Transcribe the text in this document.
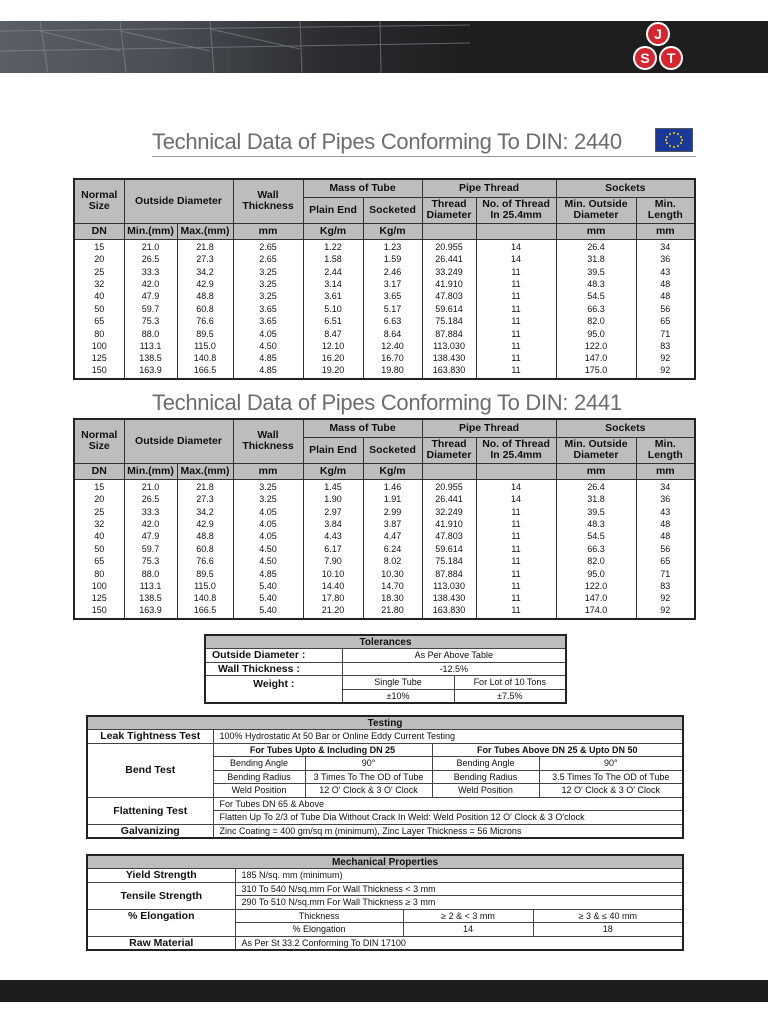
J
S T
Technical Data of Pipes Conforming To DIN: 2440
Normal Size	Outside Diameter		Wall Thickness	Mass of Tube		Pipe Thread		Sockets	
				Plain End	Socketed	Thread Diameter	No. of Thread In 25.4mm	Min. Outside Diameter	Min. Length
DN	Min.(mm)	Max.(mm)	mm	Kg/m	Kg/m			mm	mm
15	21.0	21.8	2.65	1.22	1.23	20.955	14	26.4	34
20	26.5	27.3	2.65	1.58	1.59	26.441	14	31.8	36
25	33.3	34.2	3.25	2.44	2.46	33.249	11	39.5	43
32	42.0	42.9	3.25	3.14	3.17	41.910	11	48.3	48
40	47.9	48.8	3.25	3.61	3.65	47.803	11	54.5	48
50	59.7	60.8	3.65	5.10	5.17	59.614	11	66.3	56
65	75.3	76.6	3.65	6.51	6.63	75.184	11	82.0	65
80	88.0	89.5	4.05	8.47	8.64	87.884	11	95.0	71
100	113.1	115.0	4.50	12.10	12.40	113.030	11	122.0	83
125	138.5	140.8	4.85	16.20	16.70	138.430	11	147.0	92
150	163.9	166.5	4.85	19.20	19.80	163.830	11	175.0	92
Technical Data of Pipes Conforming To DIN: 2441
Normal Size	Outside Diameter		Wall Thickness	Mass of Tube		Pipe Thread		Sockets	
				Plain End	Socketed	Thread Diameter	No. of Thread In 25.4mm	Min. Outside Diameter	Min. Length
DN	Min.(mm)	Max.(mm)	mm	Kg/m	Kg/m			mm	mm
15	21.0	21.8	3.25	1.45	1.46	20.955	14	26.4	34
20	26.5	27.3	3.25	1.90	1.91	26.441	14	31.8	36
25	33.3	34.2	4.05	2.97	2.99	32.249	11	39.5	43
32	42.0	42.9	4.05	3.84	3.87	41.910	11	48.3	48
40	47.9	48.8	4.05	4.43	4.47	47.803	11	54.5	48
50	59.7	60.8	4.50	6.17	6.24	59.614	11	66.3	56
65	75.3	76.6	4.50	7.90	8.02	75.184	11	82.0	65
80	88.0	89.5	4.85	10.10	10.30	87.884	11	95.0	71
100	113.1	115.0	5.40	14.40	14.70	113.030	11	122.0	83
125	138.5	140.8	5.40	17.80	18.30	138.430	11	147.0	92
150	163.9	166.5	5.40	21.20	21.80	163.830	11	174.0	92
Tolerances		
Outside Diameter :	As Per Above Table	
Wall Thickness :	-12.5%	
Weight :	Single Tube	For Lot of 10 Tons
	±10%	±7.5%
Testing				
Leak Tightness Test	100% Hydrostatic At 50 Bar or Online Eddy Current Testing			
Bend Test	For Tubes Upto & Including DN 25		For Tubes Above DN 25 & Upto DN 50	
	Bending Angle	90°	Bending Angle	90°
	Bending Radius	3 Times To The OD of Tube	Bending Radius	3.5 Times To The OD of Tube
	Weld Position	12 O' Clock & 3 O' Clock	Weld Position	12 O' Clock & 3 O' Clock
Flattening Test	For Tubes DN 65 & Above			
	Flatten Up To 2/3 of Tube Dia Without Crack In Weld: Weld Position 12 O' Clock & 3 O'clock			
Galvanizing	Zinc Coating = 400 gm/sq m (minimum), Zinc Layer Thickness = 56 Microns			
Mechanical Properties			
Yield Strength	185 N/sq. mm (minimum)		
Tensile Strength	310 To 540 N/sq.mm For Wall Thickness < 3 mm		
	290 To 510 N/sq.mm For Wall Thickness ≥ 3 mm		
% Elongation	Thickness	≥ 2 & < 3 mm	≥ 3 & ≤ 40 mm
	% Elongation	14	18
Raw Material	As Per St 33.2 Conforming To DIN 17100		
